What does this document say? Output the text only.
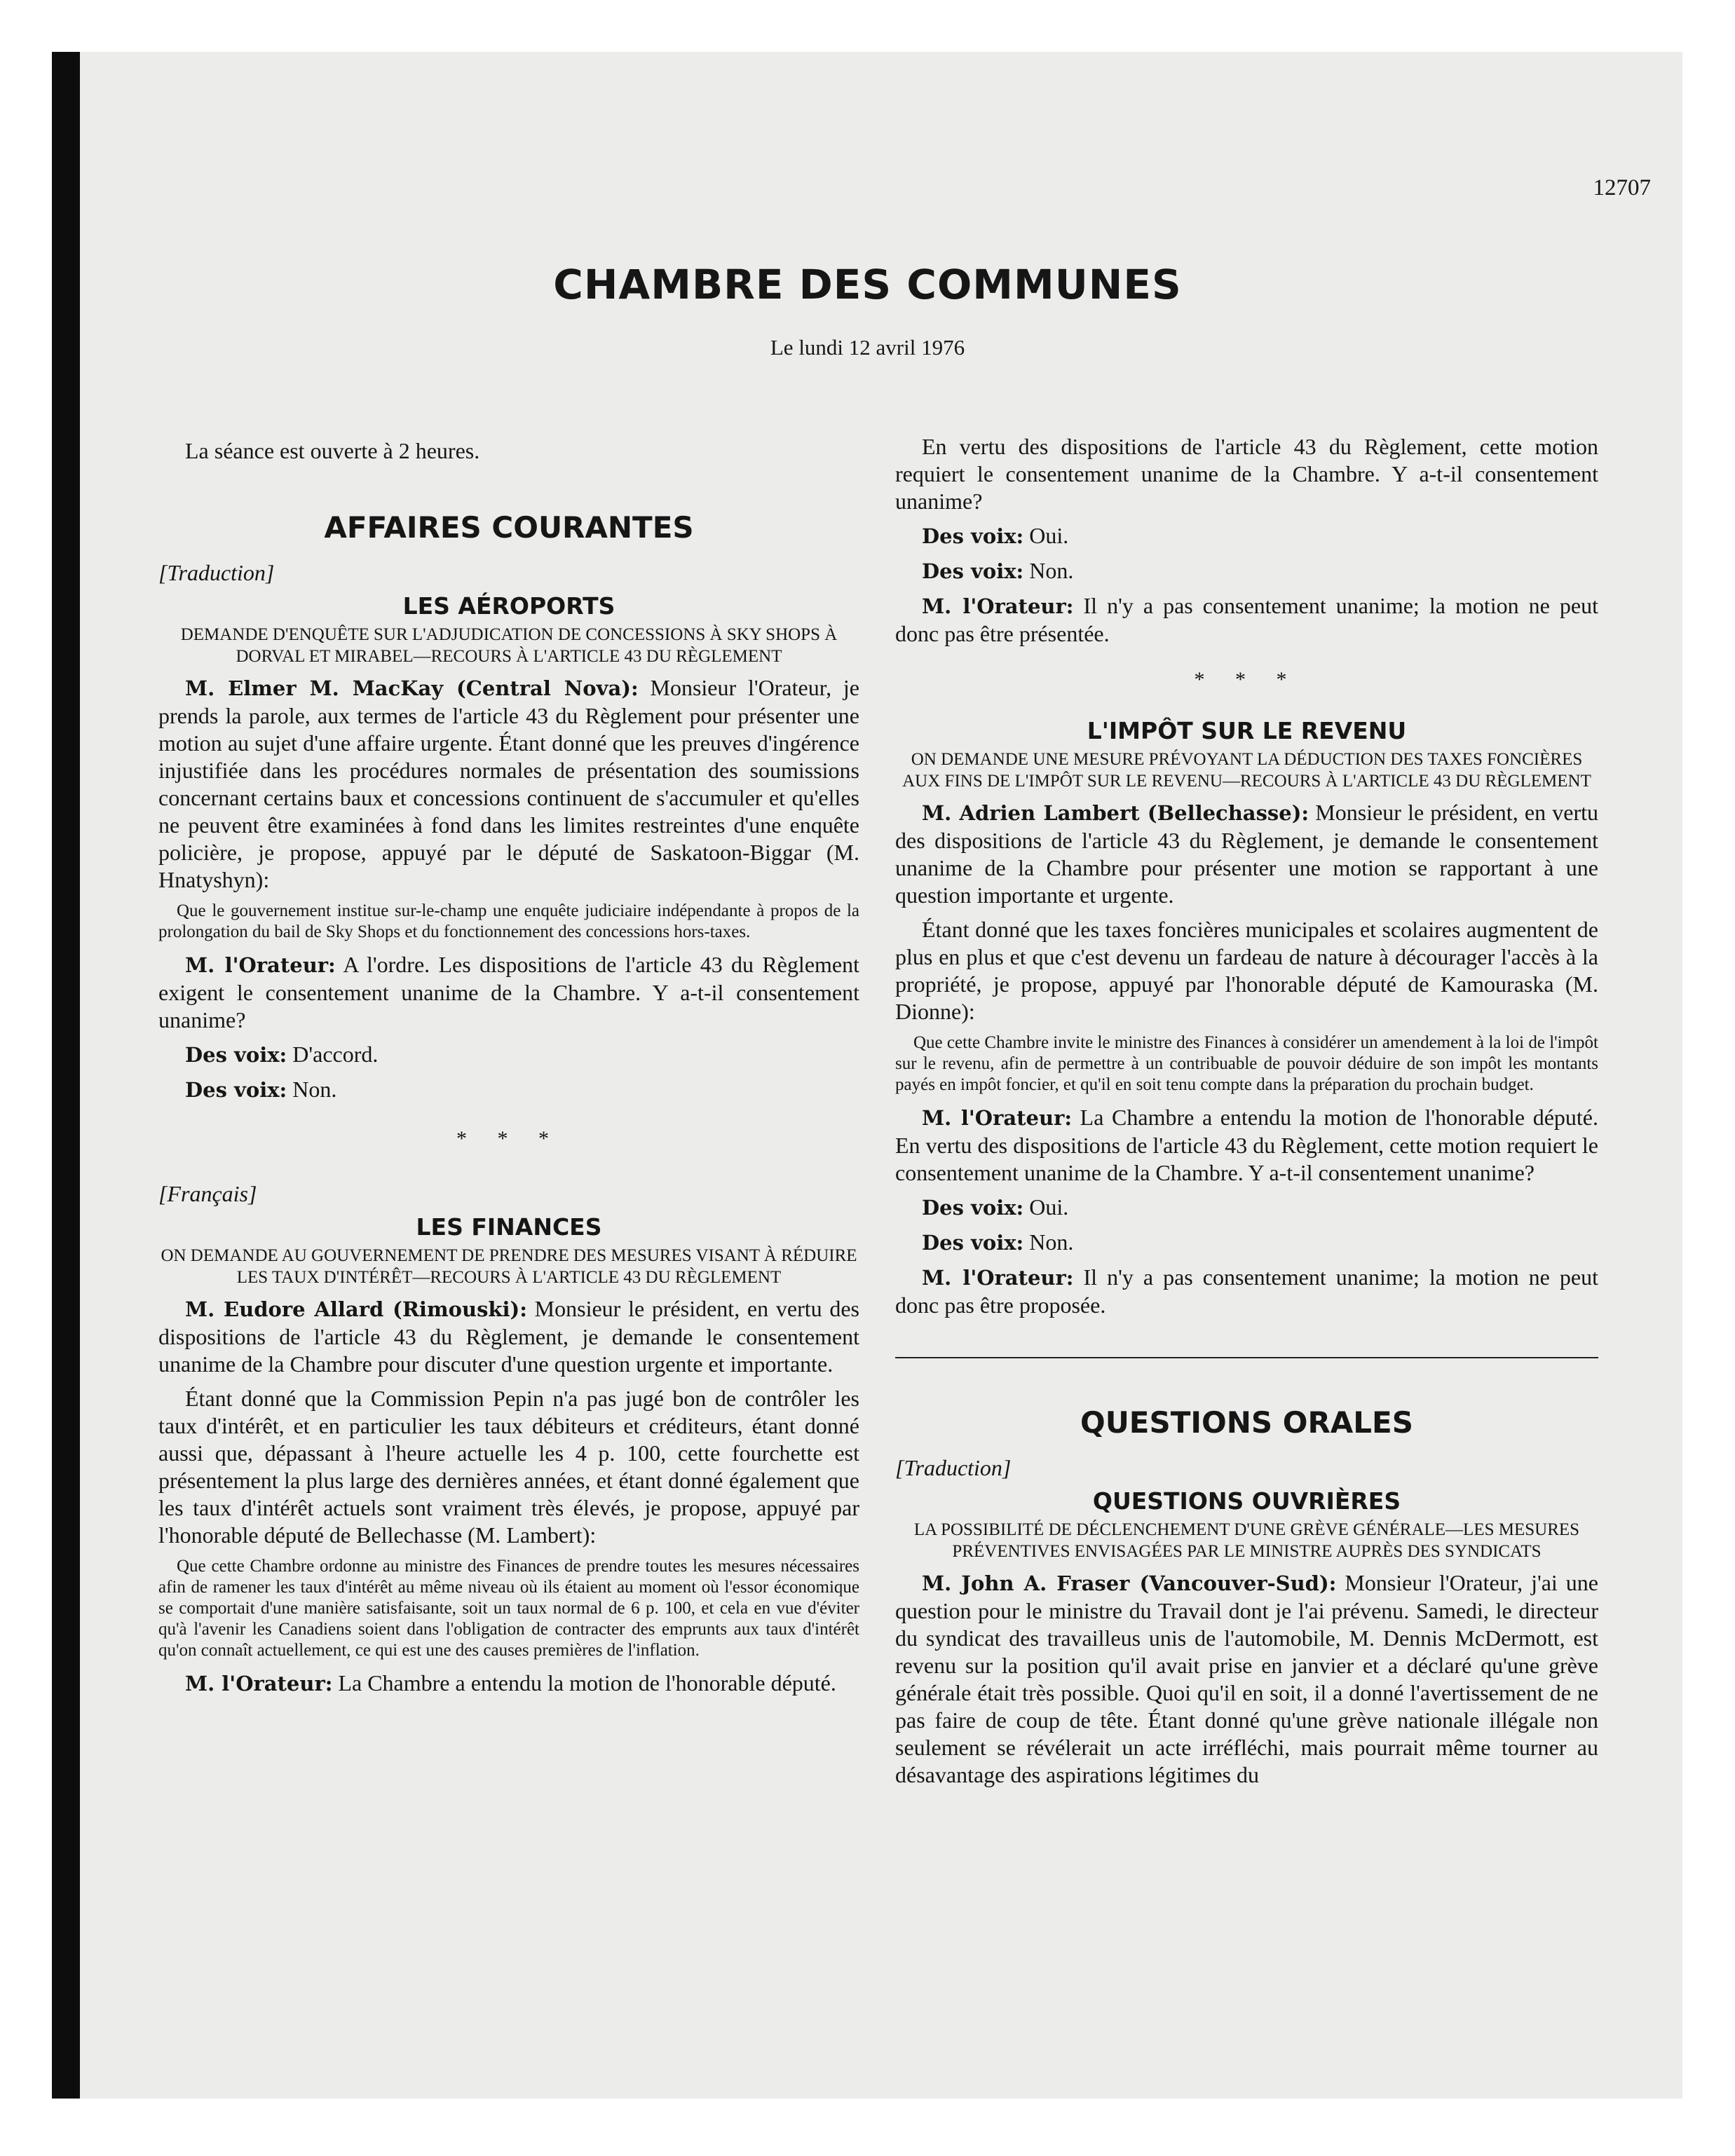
12707
CHAMBRE DES COMMUNES
Le lundi 12 avril 1976

La séance est ouverte à 2 heures.

AFFAIRES COURANTES
[Traduction]
LES AÉROPORTS
DEMANDE D'ENQUÊTE SUR L'ADJUDICATION DE CONCESSIONS À SKY SHOPS À DORVAL ET MIRABEL—RECOURS À L'ARTICLE 43 DU RÈGLEMENT

M. Elmer M. MacKay (Central Nova): Monsieur l'Orateur, je prends la parole, aux termes de l'article 43 du Règlement pour présenter une motion au sujet d'une affaire urgente. Étant donné que les preuves d'ingérence injustifiée dans les procédures normales de présentation des soumissions concernant certains baux et concessions continuent de s'accumuler et qu'elles ne peuvent être examinées à fond dans les limites restreintes d'une enquête policière, je propose, appuyé par le député de Saskatoon-Biggar (M. Hnatyshyn):

Que le gouvernement institue sur-le-champ une enquête judiciaire indépendante à propos de la prolongation du bail de Sky Shops et du fonctionnement des concessions hors-taxes.

M. l'Orateur: A l'ordre. Les dispositions de l'article 43 du Règlement exigent le consentement unanime de la Chambre. Y a-t-il consentement unanime?

Des voix: D'accord.

Des voix: Non.

* * *
[Français]
LES FINANCES
ON DEMANDE AU GOUVERNEMENT DE PRENDRE DES MESURES VISANT À RÉDUIRE LES TAUX D'INTÉRÊT—RECOURS À L'ARTICLE 43 DU RÈGLEMENT

M. Eudore Allard (Rimouski): Monsieur le président, en vertu des dispositions de l'article 43 du Règlement, je demande le consentement unanime de la Chambre pour discuter d'une question urgente et importante.

Étant donné que la Commission Pepin n'a pas jugé bon de contrôler les taux d'intérêt, et en particulier les taux débiteurs et créditeurs, étant donné aussi que, dépassant à l'heure actuelle les 4 p. 100, cette fourchette est présentement la plus large des dernières années, et étant donné également que les taux d'intérêt actuels sont vraiment très élevés, je propose, appuyé par l'honorable député de Bellechasse (M. Lambert):

Que cette Chambre ordonne au ministre des Finances de prendre toutes les mesures nécessaires afin de ramener les taux d'intérêt au même niveau où ils étaient au moment où l'essor économique se comportait d'une manière satisfaisante, soit un taux normal de 6 p. 100, et cela en vue d'éviter qu'à l'avenir les Canadiens soient dans l'obligation de contracter des emprunts aux taux d'intérêt qu'on connaît actuellement, ce qui est une des causes premières de l'inflation.

M. l'Orateur: La Chambre a entendu la motion de l'honorable député.

En vertu des dispositions de l'article 43 du Règlement, cette motion requiert le consentement unanime de la Chambre. Y a-t-il consentement unanime?

Des voix: Oui.

Des voix: Non.

M. l'Orateur: Il n'y a pas consentement unanime; la motion ne peut donc pas être présentée.

* * *
L'IMPÔT SUR LE REVENU
ON DEMANDE UNE MESURE PRÉVOYANT LA DÉDUCTION DES TAXES FONCIÈRES AUX FINS DE L'IMPÔT SUR LE REVENU—RECOURS À L'ARTICLE 43 DU RÈGLEMENT

M. Adrien Lambert (Bellechasse): Monsieur le président, en vertu des dispositions de l'article 43 du Règlement, je demande le consentement unanime de la Chambre pour présenter une motion se rapportant à une question importante et urgente.

Étant donné que les taxes foncières municipales et scolaires augmentent de plus en plus et que c'est devenu un fardeau de nature à décourager l'accès à la propriété, je propose, appuyé par l'honorable député de Kamouraska (M. Dionne):

Que cette Chambre invite le ministre des Finances à considérer un amendement à la loi de l'impôt sur le revenu, afin de permettre à un contribuable de pouvoir déduire de son impôt les montants payés en impôt foncier, et qu'il en soit tenu compte dans la préparation du prochain budget.

M. l'Orateur: La Chambre a entendu la motion de l'honorable député. En vertu des dispositions de l'article 43 du Règlement, cette motion requiert le consentement unanime de la Chambre. Y a-t-il consentement unanime?

Des voix: Oui.

Des voix: Non.

M. l'Orateur: Il n'y a pas consentement unanime; la motion ne peut donc pas être proposée.

QUESTIONS ORALES
[Traduction]
QUESTIONS OUVRIÈRES
LA POSSIBILITÉ DE DÉCLENCHEMENT D'UNE GRÈVE GÉNÉRALE—LES MESURES PRÉVENTIVES ENVISAGÉES PAR LE MINISTRE AUPRÈS DES SYNDICATS

M. John A. Fraser (Vancouver-Sud): Monsieur l'Orateur, j'ai une question pour le ministre du Travail dont je l'ai prévenu. Samedi, le directeur du syndicat des travailleus unis de l'automobile, M. Dennis McDermott, est revenu sur la position qu'il avait prise en janvier et a déclaré qu'une grève générale était très possible. Quoi qu'il en soit, il a donné l'avertissement de ne pas faire de coup de tête. Étant donné qu'une grève nationale illégale non seulement se révélerait un acte irréfléchi, mais pourrait même tourner au désavantage des aspirations légitimes du
